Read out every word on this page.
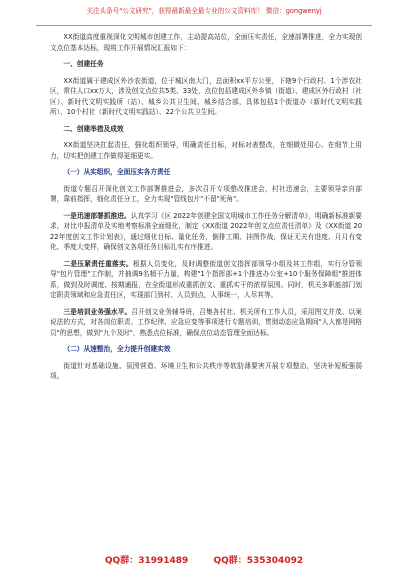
关注头条号"公文研究"，获得最新最全最专业的公文资料库！ 微信：gongwenyj

XX街道高度重视深化文明城市创建工作，主动提高站位，全面压实责任，全速部署推进，全力实现创文点位基本达标，现将工作开展情况汇报如下：

一、创建任务

XX街道属于建成区外沙农街道，位于城区南大门，总面积xx平方公里，下辖9个行政村、1个涉农社区，常住人口xx万人，涉及创文点位共5类、33处，点位包括建成区外乡镇（街道）、建成区外行政村（社区）、新时代文明实践所（站）、城乡公共卫生间、城乡结合部，具体包括1个街道办（新时代文明实践所）、10个村社（新时代文明实践站）、22个公共卫生间。

二、创建举措及成效

XX街道坚决扛起责任，强化组织领导，明确责任目标，对标对表整改，在细微处用心、在细节上用力，切实把创建工作做得更细更实。

（一）从实组织，全面压实各方责任

街道专题召开深化创文工作部署推进会，多次召开专项整改推进会，村社迅速会，主要领导亲自部署，靠前指挥，细化责任分工，全力实现"管线包片"不留"死角"。

一是迅速部署抓推进。认真学习《区 2022年创建全国文明城市工作任务分解清单》，明确新标准新要求，对比申报清单及实地考察标准全面细化，制定《XX街道 2022年创文点位责任清单》及《XX街道 2022年度创文工作计划表》，通过细化目标、量化任务，倒排工期、挂图作战，保证无关有进度、月月有变化、季度大变样，确保创文各项任务目标扎实有序推进。

二是压紧责任重落实。根据人员变化，及时调整街道创文指挥部领导小组及其工作组，实行分管领导"包片管理"工作制，并抽调9名精干力量，构建"1个指挥部+1个推进办公室+10个服务保障组"推进体系，做到及时调度、按期通报，在全街道形成重抓创文、重抓实干的浓厚氛围。同时，机关多职能部门划定职责领域和应急责任区，实现部门到村、人员到点，人事统一，人尽其等。

三是培训业务强水平。召开创文业务辅导班，召集各村社、机关所有工作人员，采用图文并茂、以案说法的方式，对各岗位职责、工作纪律、应急应变等事项进行专题培训，贯彻动态应急期间"人人都是网格员"的思想，做到"九个及时"，熟悉点位标准，确保点位动态管理全面达标。

（二）从速整治，全力提升创建实效

街道针对基础设施、氛围营造、环境卫生和公共秩序等软肋薄要害开展专项整治，坚决补短板强弱项。

QQ群：31991489	QQ群：535304092
